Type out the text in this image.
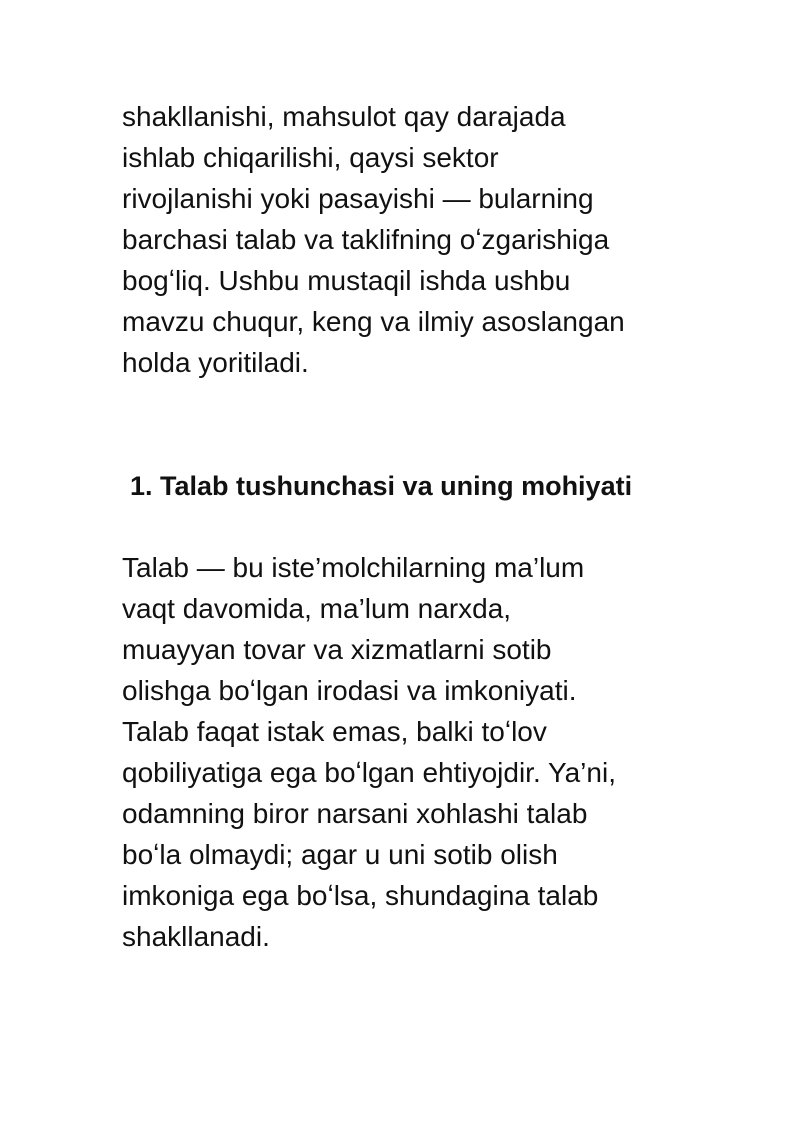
shakllanishi, mahsulot qay darajada
ishlab chiqarilishi, qaysi sektor
rivojlanishi yoki pasayishi — bularning
barchasi talab va taklifning oʻzgarishiga
bogʻliq. Ushbu mustaqil ishda ushbu
mavzu chuqur, keng va ilmiy asoslangan
holda yoritiladi.
1. Talab tushunchasi va uning mohiyati
Talab — bu iste’molchilarning ma’lum
vaqt davomida, ma’lum narxda,
muayyan tovar va xizmatlarni sotib
olishga boʻlgan irodasi va imkoniyati.
Talab faqat istak emas, balki toʻlov
qobiliyatiga ega boʻlgan ehtiyojdir. Ya’ni,
odamning biror narsani xohlashi talab
boʻla olmaydi; agar u uni sotib olish
imkoniga ega boʻlsa, shundagina talab
shakllanadi.
